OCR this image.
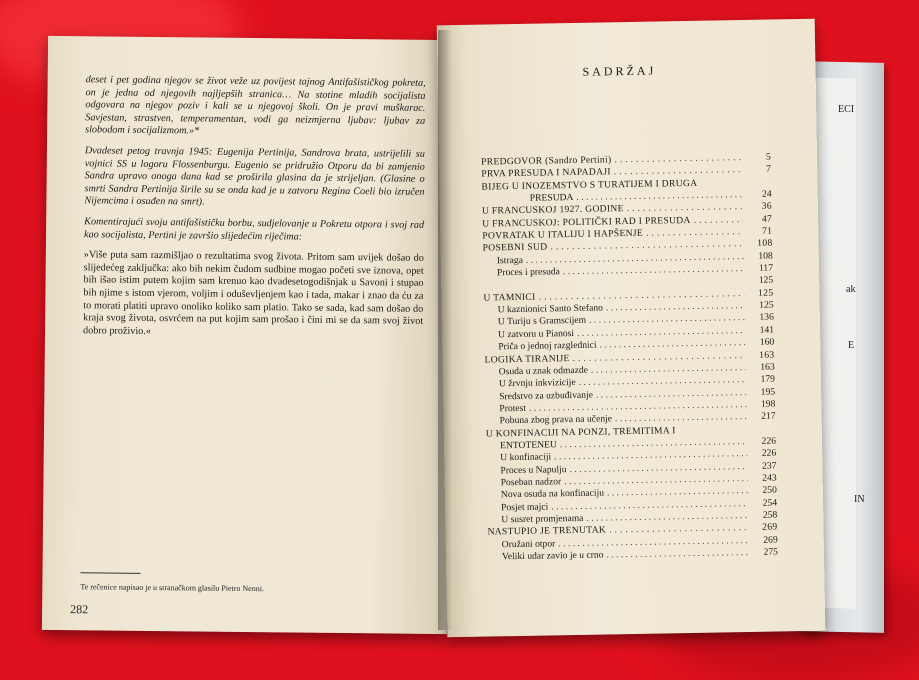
ECI
ak
E
IN

deset i pet godina njegov se život veže uz povijest tajnog Antifašističkog pokreta, on je jedna od njegovih najljepših stranica… Na stotine mladih socijalista odgovara na njegov poziv i kali se u njegovoj školi. On je pravi muškarac. Savjestan, strastven, temperamentan, vodi ga neizmjerna ljubav: ljubav za slobodom i socijalizmom.»*

Dvadeset petog travnja 1945: Eugenija Pertinija, Sandrova brata, ustrijelili su vojnici SS u logoru Flossenburgu. Eugenio se pridružio Otporu da bi zamjenio Sandra upravo onoga dana kad se proširila glasina da je strijeljan. (Glasine o smrti Sandra Pertinija širile su se onda kad je u zatvoru Regina Coeli bio izručen Nijemcima i osuđen na smrt).

Komentirajući svoju antifašističku borbu, sudjelovanje u Pokretu otpora i svoj rad kao socijalista, Pertini je završio slijedećim riječima:

»Više puta sam razmišljao o rezultatima svog života. Pritom sam uvijek došao do slijedećeg zaključka: ako bih nekim čudom sudbine mogao početi sve iznova, opet bih išao istim putem kojim sam krenuo kao dvadesetogodišnjak u Savoni i stupao bih njime s istom vjerom, voljim i oduševljenjem kao i tada, makar i znao da ću za to morati platiti upravo onoliko koliko sam platio. Tako se sada, kad sam došao do kraja svog života, osvrćem na put kojim sam prošao i čini mi se da sam svoj život dobro proživio.«

Te rečenice napisao je u stranačkom glasilu Pietro Nenni.
282
SADRŽAJ
PREDGOVOR (Sandro Pertini) . . .	5
PRVA PRESUDA I NAPADAJI . . .	7
BIJEG U INOZEMSTVO S TURATIJEM I DRUGA
PRESUDA . . .	24
U FRANCUSKOJ 1927. GODINE . . .	36
U FRANCUSKOJ: POLITIČKI RAD I PRESUDA . . .	47
POVRATAK U ITALIJU I HAPŠENJE . . .	71
POSEBNI SUD . . .	108
Istraga . . .	108
Proces i presuda . . .	117
125
U TAMNICI . . .	125
U kaznionici Santo Stefano . . .	125
U Turiju s Gramscijem . . .	136
U zatvoru u Pianosi . . .	141
Priča o jednoj razglednici . . .	160
LOGIKA TIRANIJE . . .	163
Osuda u znak odmazde . . .	163
U žrvnju inkvizicije . . .	179
Sredstvo za uzbuđivanje . . .	195
Protest . . .	198
Pobuna zbog prava na učenje . . .	217
U KONFINACIJI NA PONZI, TREMITIMA I
ENTOTENEU . . .	226
U konfinaciji . . .	226
Proces u Napulju . . .	237
Poseban nadzor . . .	243
Nova osuda na konfinaciju . . .	250
Posjet majci . . .	254
U susret promjenama . . .	258
NASTUPIO JE TRENUTAK . . .	269
Oružani otpor . . .	269
Veliki udar zavio je u crno . . .	275
